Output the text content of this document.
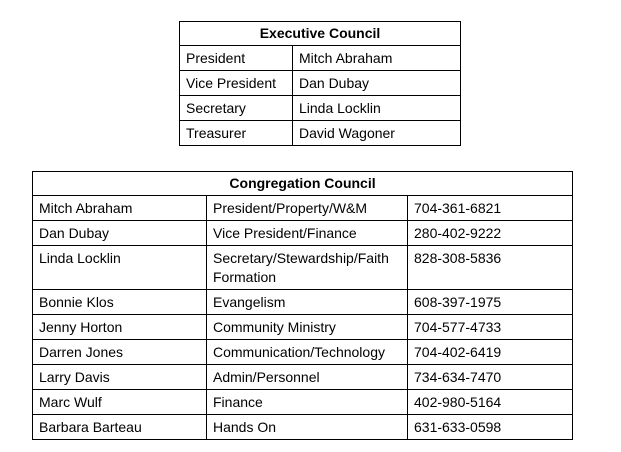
Executive Council	
President	Mitch Abraham
Vice President	Dan Dubay
Secretary	Linda Locklin
Treasurer	David Wagoner
Congregation Council		
Mitch Abraham	President/Property/W&M	704-361-6821
Dan Dubay	Vice President/Finance	280-402-9222
Linda Locklin	Secretary/Stewardship/Faith Formation	828-308-5836
Bonnie Klos	Evangelism	608-397-1975
Jenny Horton	Community Ministry	704-577-4733
Darren Jones	Communication/Technology	704-402-6419
Larry Davis	Admin/Personnel	734-634-7470
Marc Wulf	Finance	402-980-5164
Barbara Barteau	Hands On	631-633-0598
